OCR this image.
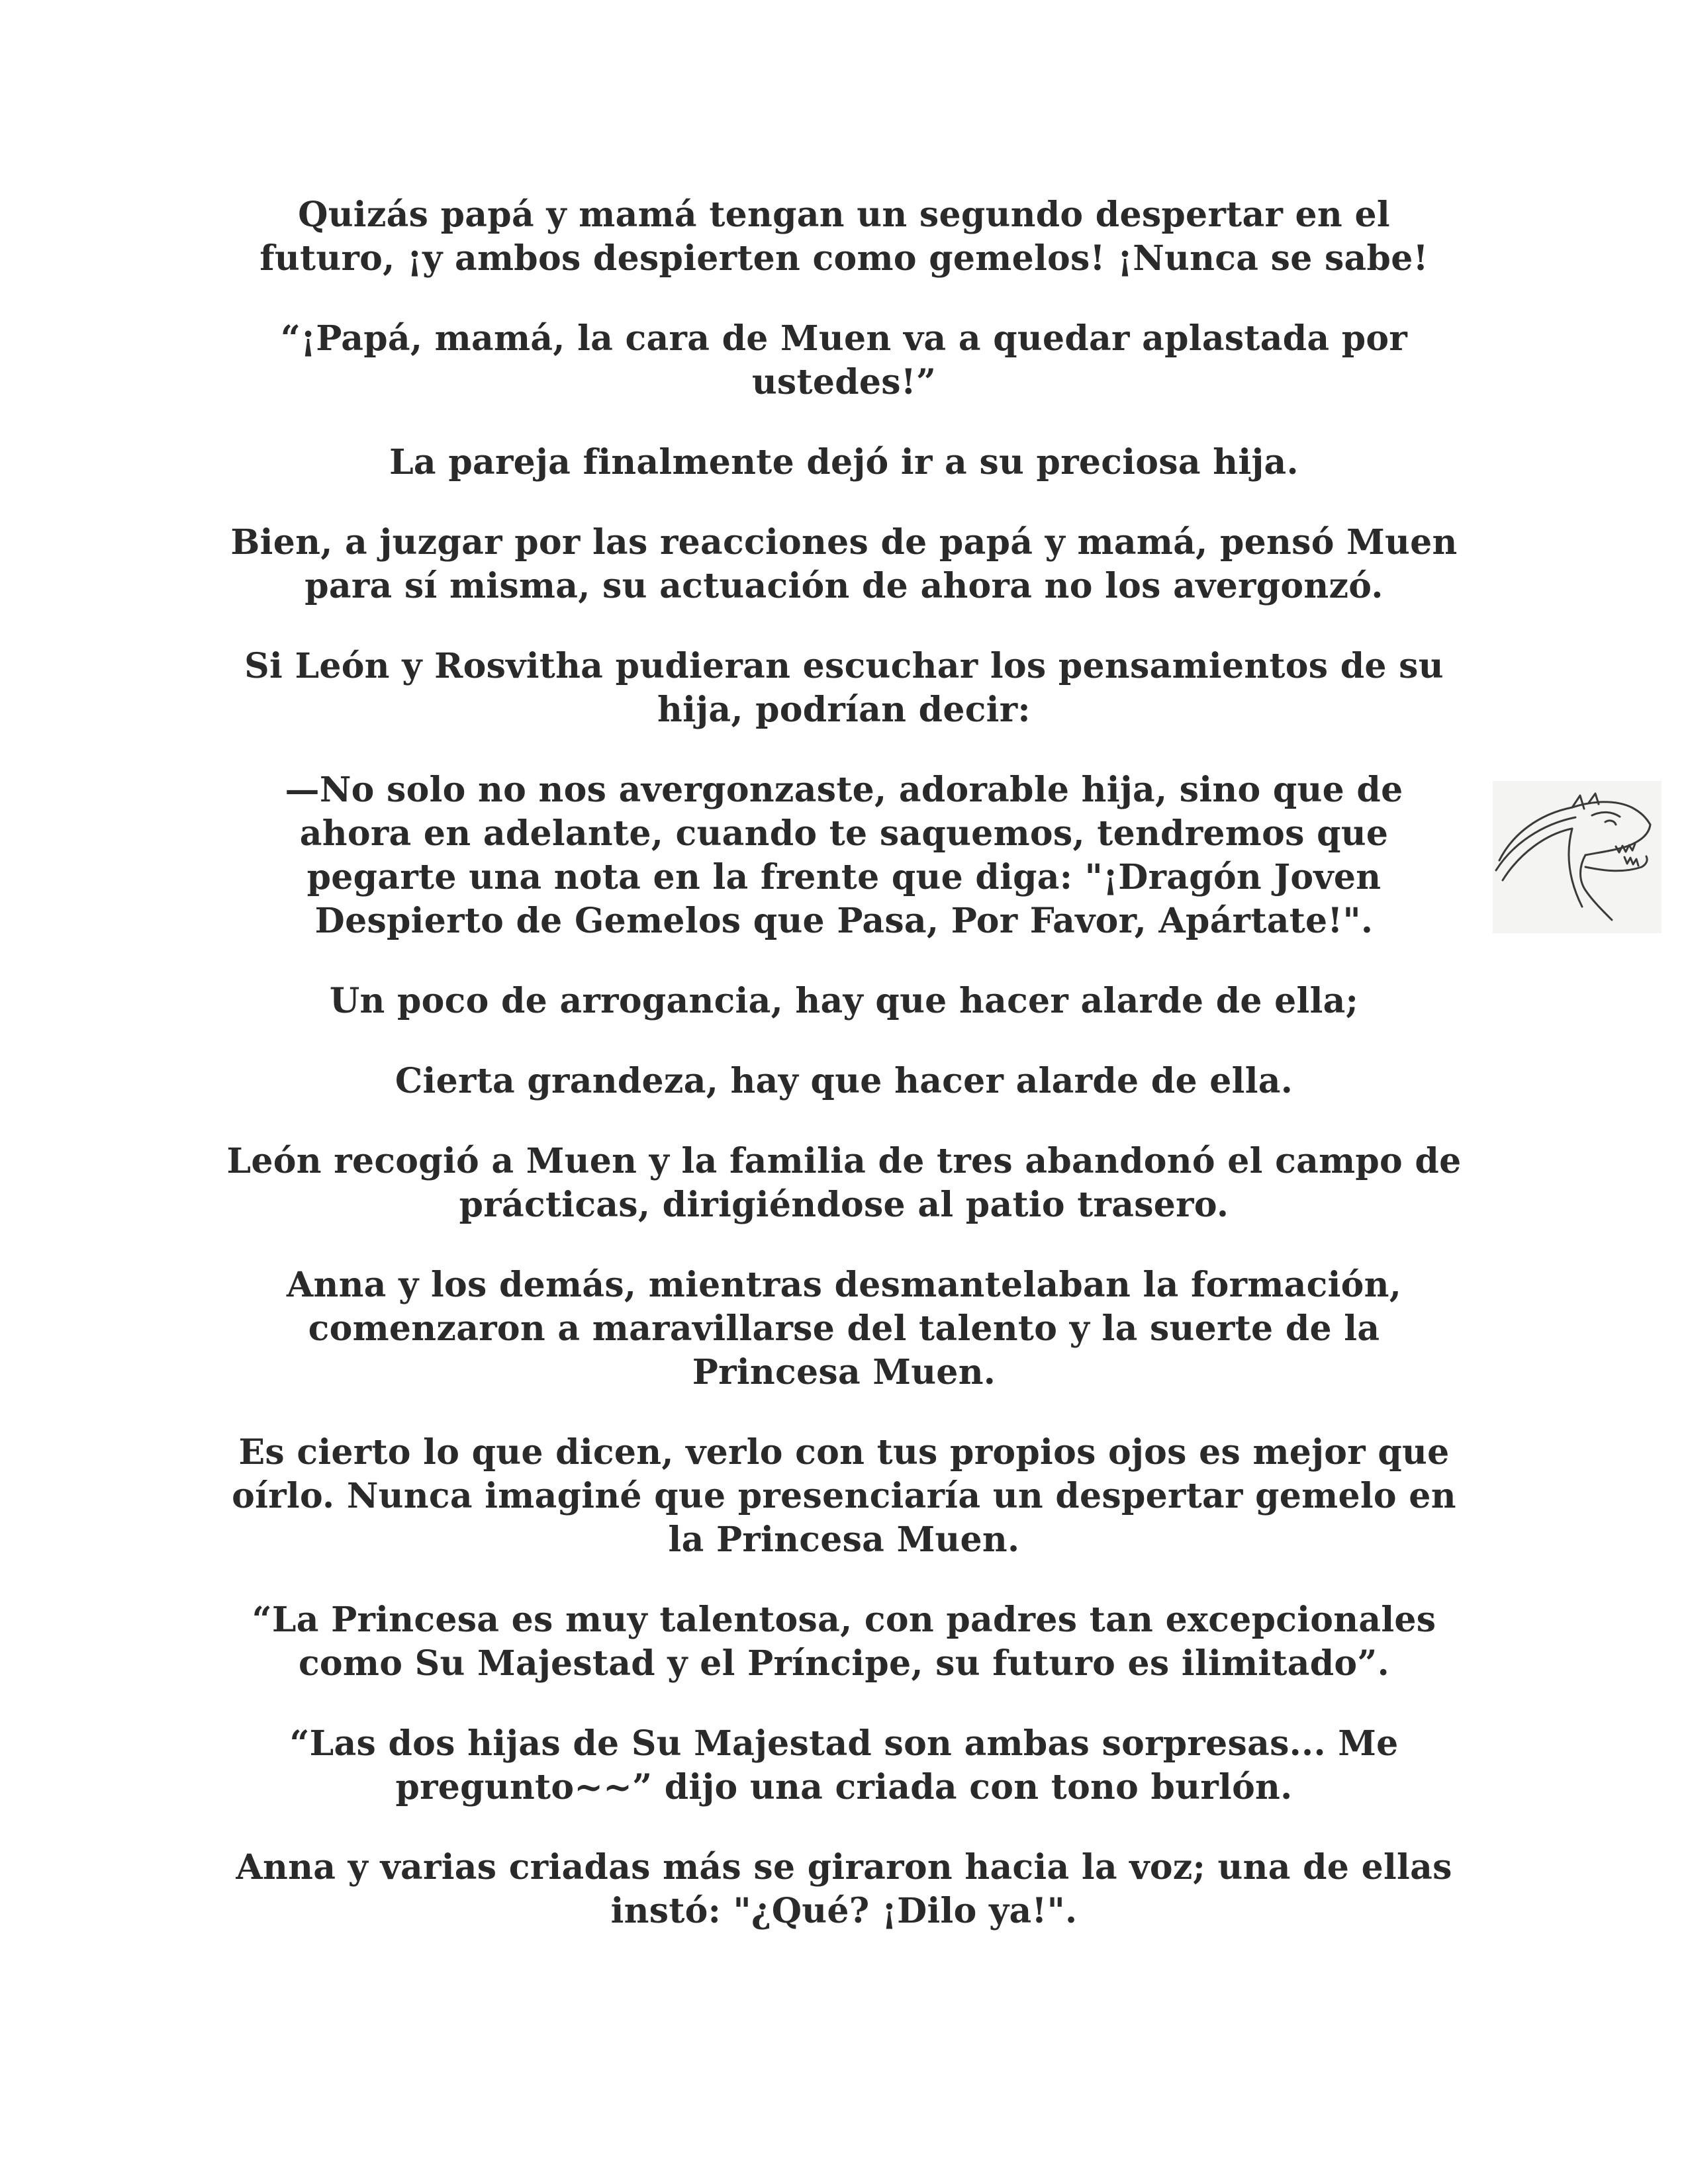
Quizás papá y mamá tengan un segundo despertar en el futuro, ¡y ambos despierten como gemelos! ¡Nunca se sabe!

“¡Papá, mamá, la cara de Muen va a quedar aplastada por ustedes!”

La pareja finalmente dejó ir a su preciosa hija.

Bien, a juzgar por las reacciones de papá y mamá, pensó Muen para sí misma, su actuación de ahora no los avergonzó.

Si León y Rosvitha pudieran escuchar los pensamientos de su hija, podrían decir:

—No solo no nos avergonzaste, adorable hija, sino que de ahora en adelante, cuando te saquemos, tendremos que pegarte una nota en la frente que diga: "¡Dragón Joven Despierto de Gemelos que Pasa, Por Favor, Apártate!".

Un poco de arrogancia, hay que hacer alarde de ella;

Cierta grandeza, hay que hacer alarde de ella.

León recogió a Muen y la familia de tres abandonó el campo de prácticas, dirigiéndose al patio trasero.

Anna y los demás, mientras desmantelaban la formación, comenzaron a maravillarse del talento y la suerte de la Princesa Muen.

Es cierto lo que dicen, verlo con tus propios ojos es mejor que oírlo. Nunca imaginé que presenciaría un despertar gemelo en la Princesa Muen.

“La Princesa es muy talentosa, con padres tan excepcionales como Su Majestad y el Príncipe, su futuro es ilimitado”.

“Las dos hijas de Su Majestad son ambas sorpresas... Me pregunto~~” dijo una criada con tono burlón.

Anna y varias criadas más se giraron hacia la voz; una de ellas instó: "¿Qué? ¡Dilo ya!".
